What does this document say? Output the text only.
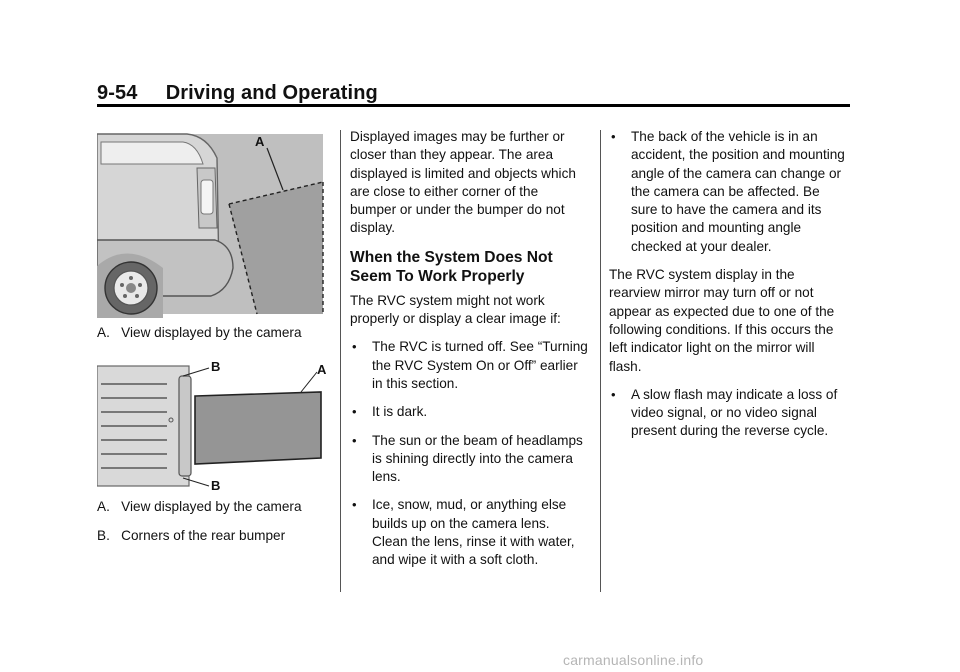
9-54     Driving and Operating
A

A.   View displayed by the camera

B	A
B

A.   View displayed by the camera

B.   Corners of the rear bumper

Displayed images may be further or closer than they appear. The area displayed is limited and objects which are close to either corner of the bumper or under the bumper do not display.

When the System Does Not Seem To Work Properly

The RVC system might not work properly or display a clear image if:

• The RVC is turned off. See “Turning the RVC System On or Off” earlier in this section.
• It is dark.
• The sun or the beam of headlamps is shining directly into the camera lens.
• Ice, snow, mud, or anything else builds up on the camera lens. Clean the lens, rinse it with water, and wipe it with a soft cloth.
• The back of the vehicle is in an accident, the position and mounting angle of the camera can change or the camera can be affected. Be sure to have the camera and its position and mounting angle checked at your dealer.

The RVC system display in the rearview mirror may turn off or not appear as expected due to one of the following conditions. If this occurs the left indicator light on the mirror will flash.

• A slow flash may indicate a loss of video signal, or no video signal present during the reverse cycle.
carmanualsonline.info
